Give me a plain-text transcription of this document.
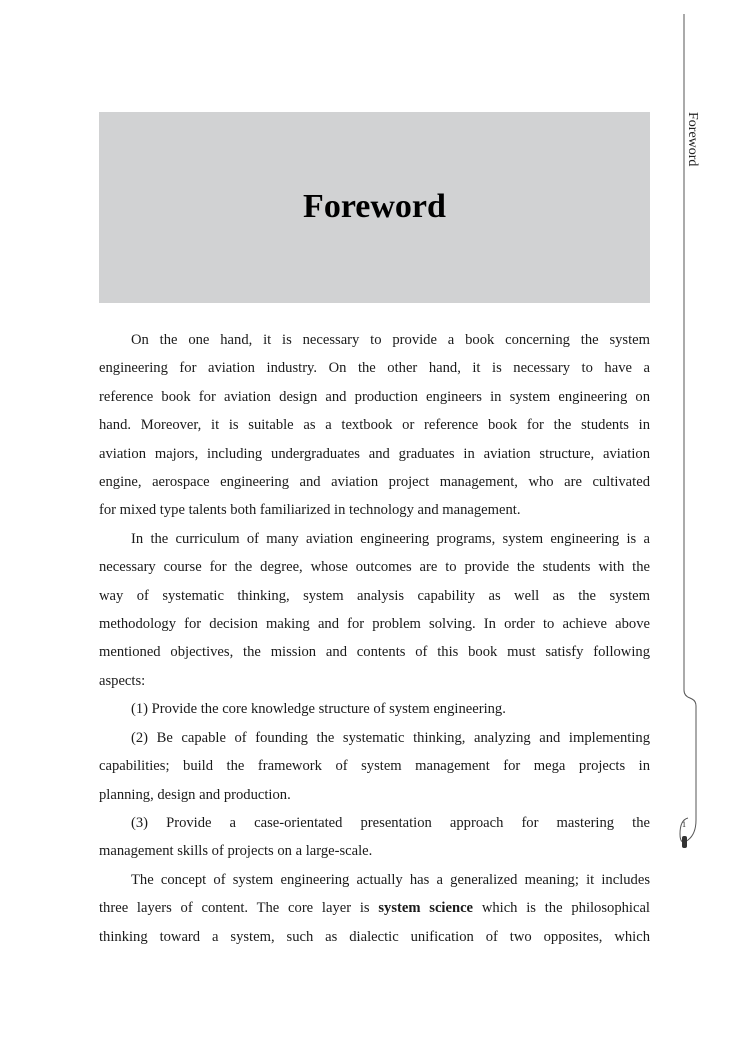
Foreword
Foreword
1
On the one hand, it is necessary to provide a book concerning the system
engineering for aviation industry. On the other hand, it is necessary to have a
reference book for aviation design and production engineers in system engineering on
hand. Moreover, it is suitable as a textbook or reference book for the students in
aviation majors, including undergraduates and graduates in aviation structure, aviation
engine, aerospace engineering and aviation project management, who are cultivated
for mixed type talents both familiarized in technology and management.
In the curriculum of many aviation engineering programs, system engineering is a
necessary course for the degree, whose outcomes are to provide the students with the
way of systematic thinking, system analysis capability as well as the system
methodology for decision making and for problem solving. In order to achieve above
mentioned objectives, the mission and contents of this book must satisfy following
aspects:
(1) Provide the core knowledge structure of system engineering.
(2) Be capable of founding the systematic thinking, analyzing and implementing
capabilities; build the framework of system management for mega projects in
planning, design and production.
(3) Provide a case-orientated presentation approach for mastering the
management skills of projects on a large-scale.
The concept of system engineering actually has a generalized meaning; it includes
three layers of content. The core layer is system science which is the philosophical
thinking toward a system, such as dialectic unification of two opposites, which
